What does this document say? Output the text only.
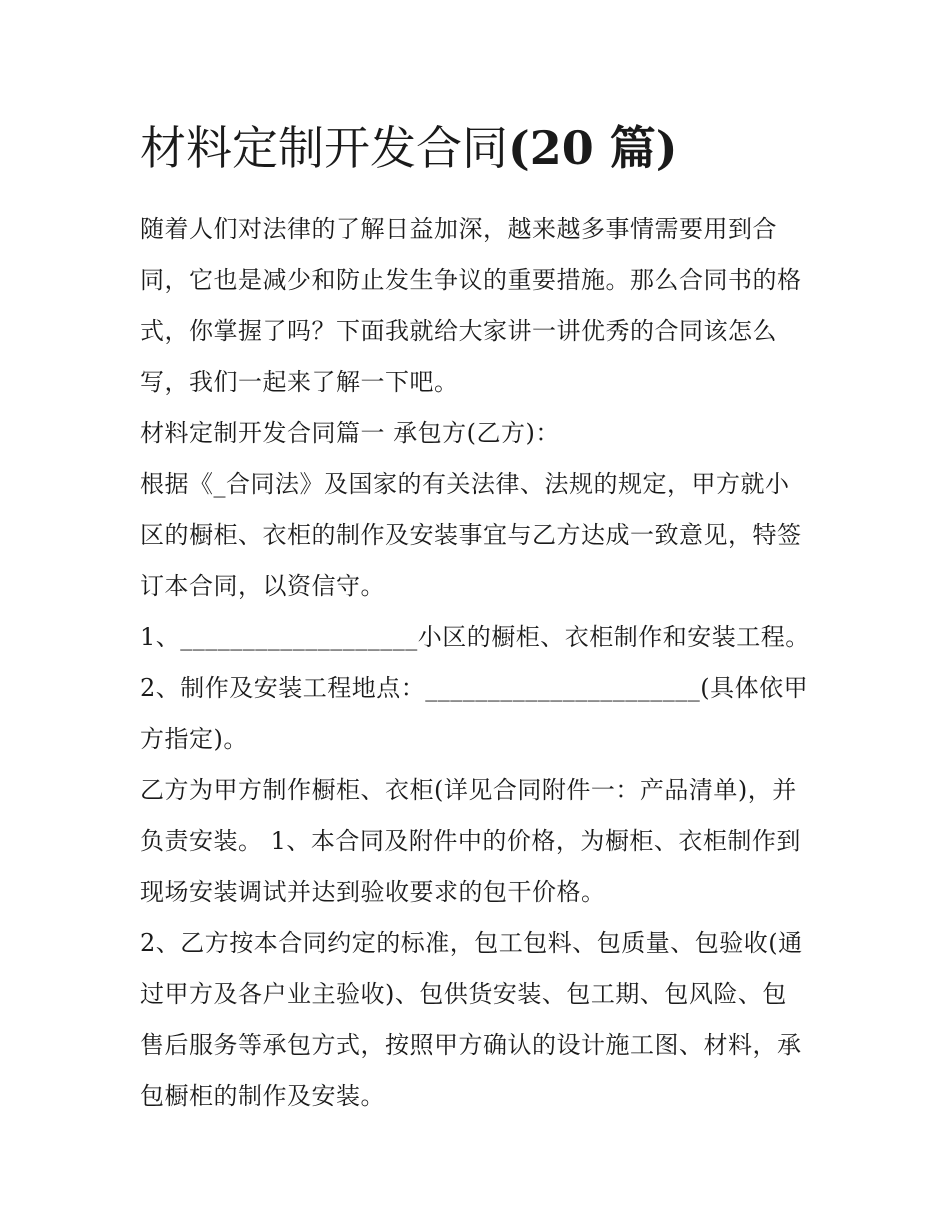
材料定制开发合同(20 篇)

随着人们对法律的了解日益加深，越来越多事情需要用到合
同，它也是减少和防止发生争议的重要措施。那么合同书的格
式，你掌握了吗？下面我就给大家讲一讲优秀的合同该怎么
写，我们一起来了解一下吧。

材料定制开发合同篇一 承包方(乙方)：

根据《_合同法》及国家的有关法律、法规的规定，甲方就小
区的橱柜、衣柜的制作及安装事宜与乙方达成一致意见，特签
订本合同，以资信守。

1、___________________小区的橱柜、衣柜制作和安装工程。

2、制作及安装工程地点：______________________(具体依甲
方指定)。

乙方为甲方制作橱柜、衣柜(详见合同附件一：产品清单)，并
负责安装。 1、本合同及附件中的价格，为橱柜、衣柜制作到
现场安装调试并达到验收要求的包干价格。

2、乙方按本合同约定的标准，包工包料、包质量、包验收(通
过甲方及各户业主验收)、包供货安装、包工期、包风险、包
售后服务等承包方式，按照甲方确认的设计施工图、材料，承
包橱柜的制作及安装。
